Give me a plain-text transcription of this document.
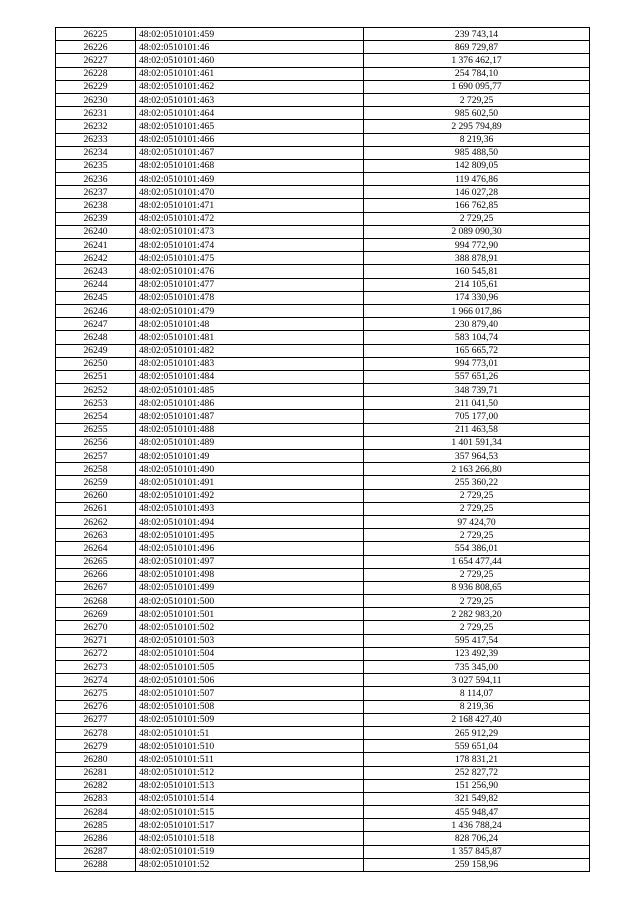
26225	48:02:0510101:459	239 743,14
26226	48:02:0510101:46	869 729,87
26227	48:02:0510101:460	1 376 462,17
26228	48:02:0510101:461	254 784,10
26229	48:02:0510101:462	1 690 095,77
26230	48:02:0510101:463	2 729,25
26231	48:02:0510101:464	985 602,50
26232	48:02:0510101:465	2 295 794,89
26233	48:02:0510101:466	8 219,36
26234	48:02:0510101:467	985 488,50
26235	48:02:0510101:468	142 809,05
26236	48:02:0510101:469	119 476,86
26237	48:02:0510101:470	146 027,28
26238	48:02:0510101:471	166 762,85
26239	48:02:0510101:472	2 729,25
26240	48:02:0510101:473	2 089 090,30
26241	48:02:0510101:474	994 772,90
26242	48:02:0510101:475	388 878,91
26243	48:02:0510101:476	160 545,81
26244	48:02:0510101:477	214 105,61
26245	48:02:0510101:478	174 330,96
26246	48:02:0510101:479	1 966 017,86
26247	48:02:0510101:48	230 879,40
26248	48:02:0510101:481	583 104,74
26249	48:02:0510101:482	165 665,72
26250	48:02:0510101:483	994 773,01
26251	48:02:0510101:484	557 651,26
26252	48:02:0510101:485	348 739,71
26253	48:02:0510101:486	211 041,50
26254	48:02:0510101:487	705 177,00
26255	48:02:0510101:488	211 463,58
26256	48:02:0510101:489	1 401 591,34
26257	48:02:0510101:49	357 964,53
26258	48:02:0510101:490	2 163 266,80
26259	48:02:0510101:491	255 360,22
26260	48:02:0510101:492	2 729,25
26261	48:02:0510101:493	2 729,25
26262	48:02:0510101:494	97 424,70
26263	48:02:0510101:495	2 729,25
26264	48:02:0510101:496	554 386,01
26265	48:02:0510101:497	1 654 477,44
26266	48:02:0510101:498	2 729,25
26267	48:02:0510101:499	8 936 808,65
26268	48:02:0510101:500	2 729,25
26269	48:02:0510101:501	2 282 983,20
26270	48:02:0510101:502	2 729,25
26271	48:02:0510101:503	595 417,54
26272	48:02:0510101:504	123 492,39
26273	48:02:0510101:505	735 345,00
26274	48:02:0510101:506	3 027 594,11
26275	48:02:0510101:507	8 114,07
26276	48:02:0510101:508	8 219,36
26277	48:02:0510101:509	2 168 427,40
26278	48:02:0510101:51	265 912,29
26279	48:02:0510101:510	559 651,04
26280	48:02:0510101:511	178 831,21
26281	48:02:0510101:512	252 827,72
26282	48:02:0510101:513	151 256,90
26283	48:02:0510101:514	321 549,82
26284	48:02:0510101:515	455 948,47
26285	48:02:0510101:517	1 436 788,24
26286	48:02:0510101:518	828 706,24
26287	48:02:0510101:519	1 357 845,87
26288	48:02:0510101:52	259 158,96
